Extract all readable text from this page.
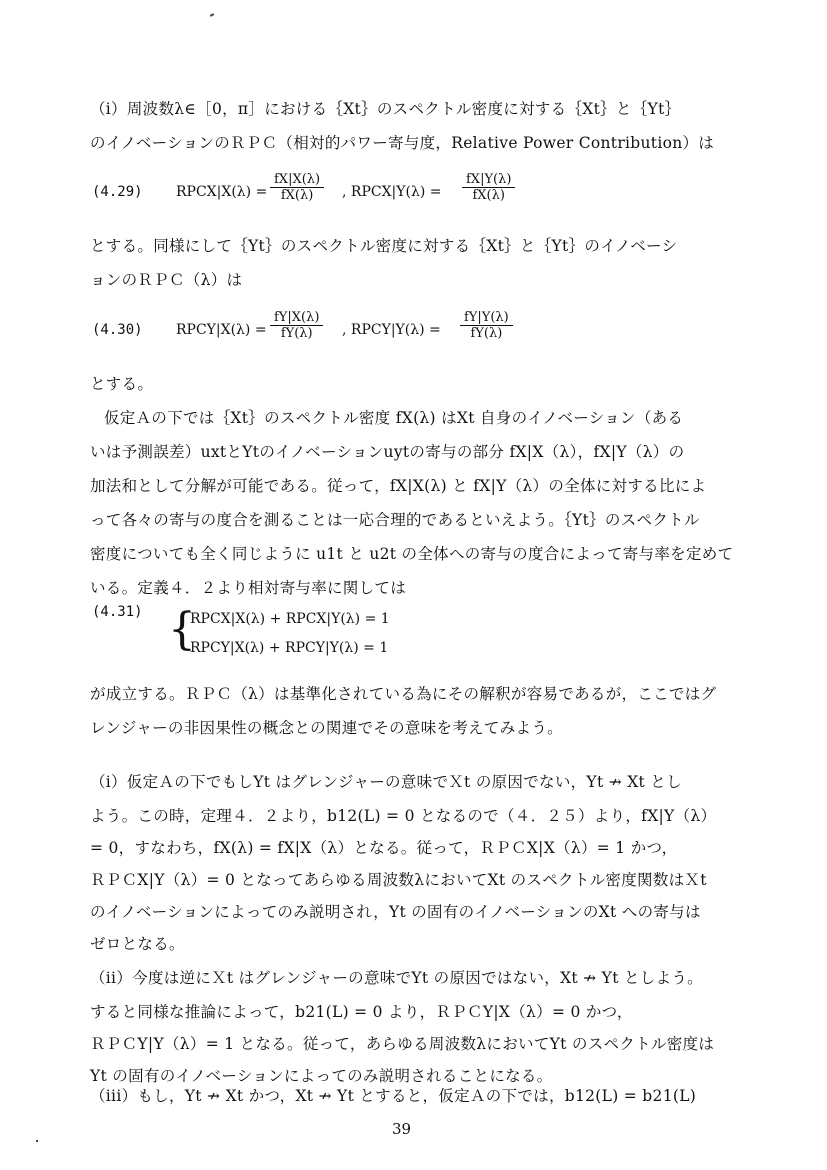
（i）周波数λ∈［0，π］における｛Xt｝のスペクトル密度に対する｛Xt｝と｛Yt｝
のイノベーションのＲＰＣ（相対的パワー寄与度，Relative Power Contribution）は
(4.29) RPCX|X(λ) = $\frac{fX|X(\lambda)}{fX(\lambda)}$ , RPCX|Y(λ) = $\frac{fX|Y(\lambda)}{fX(\lambda)}$
とする。同様にして｛Yt｝のスペクトル密度に対する｛Xt｝と｛Yt｝のイノベーシ
ョンのＲＰＣ（λ）は
(4.30) RPCY|X(λ) = $\frac{fY|X(\lambda)}{fY(\lambda)}$ , RPCY|Y(λ) = $\frac{fY|Y(\lambda)}{fY(\lambda)}$
とする。
仮定Ａの下では｛Xt｝のスペクトル密度 fX(λ) はXt 自身のイノベーション（ある
いは予測誤差）uxtとYtのイノベーションuytの寄与の部分 fX|X（λ），fX|Y（λ）の
加法和として分解が可能である。従って，fX|X(λ) と fX|Y（λ）の全体に対する比によ
って各々の寄与の度合を測ることは一応合理的であるといえよう。｛Yt｝のスペクトル
密度についても全く同じように u1t と u2t の全体への寄与の度合によって寄与率を定めて
いる。定義４．２より相対寄与率に関しては
(4.31) {
RPCX|X(λ) + RPCX|Y(λ) = 1
RPCY|X(λ) + RPCY|Y(λ) = 1
が成立する。ＲＰＣ（λ）は基準化されている為にその解釈が容易であるが，ここではグ
レンジャーの非因果性の概念との関連でその意味を考えてみよう。
（i）仮定Ａの下でもしYt はグレンジャーの意味でＸt の原因でない，Yt ↛ Xt とし
よう。この時，定理４．２より，b12(L) = 0 となるので（４．２５）より，fX|Y（λ）
= 0，すなわち，fX(λ) = fX|X（λ）となる。従って，ＲＰＣX|X（λ）= 1 かつ，
ＲＰＣX|Y（λ）= 0 となってあらゆる周波数λにおいてXt のスペクトル密度関数はＸt
のイノベーションによってのみ説明され，Yt の固有のイノベーションのXt への寄与は
ゼロとなる。
（ii）今度は逆にＸt はグレンジャーの意味でYt の原因ではない，Xt ↛ Yt としよう。
すると同様な推論によって，b21(L) = 0 より，ＲＰＣY|X（λ）= 0 かつ，
ＲＰＣY|Y（λ）= 1 となる。従って，あらゆる周波数λにおいてYt のスペクトル密度は
Yt の固有のイノベーションによってのみ説明されることになる。
39
（iii）もし，Yt ↛ Xt かつ，Xt ↛ Yt とすると，仮定Ａの下では，b12(L) = b21(L)
